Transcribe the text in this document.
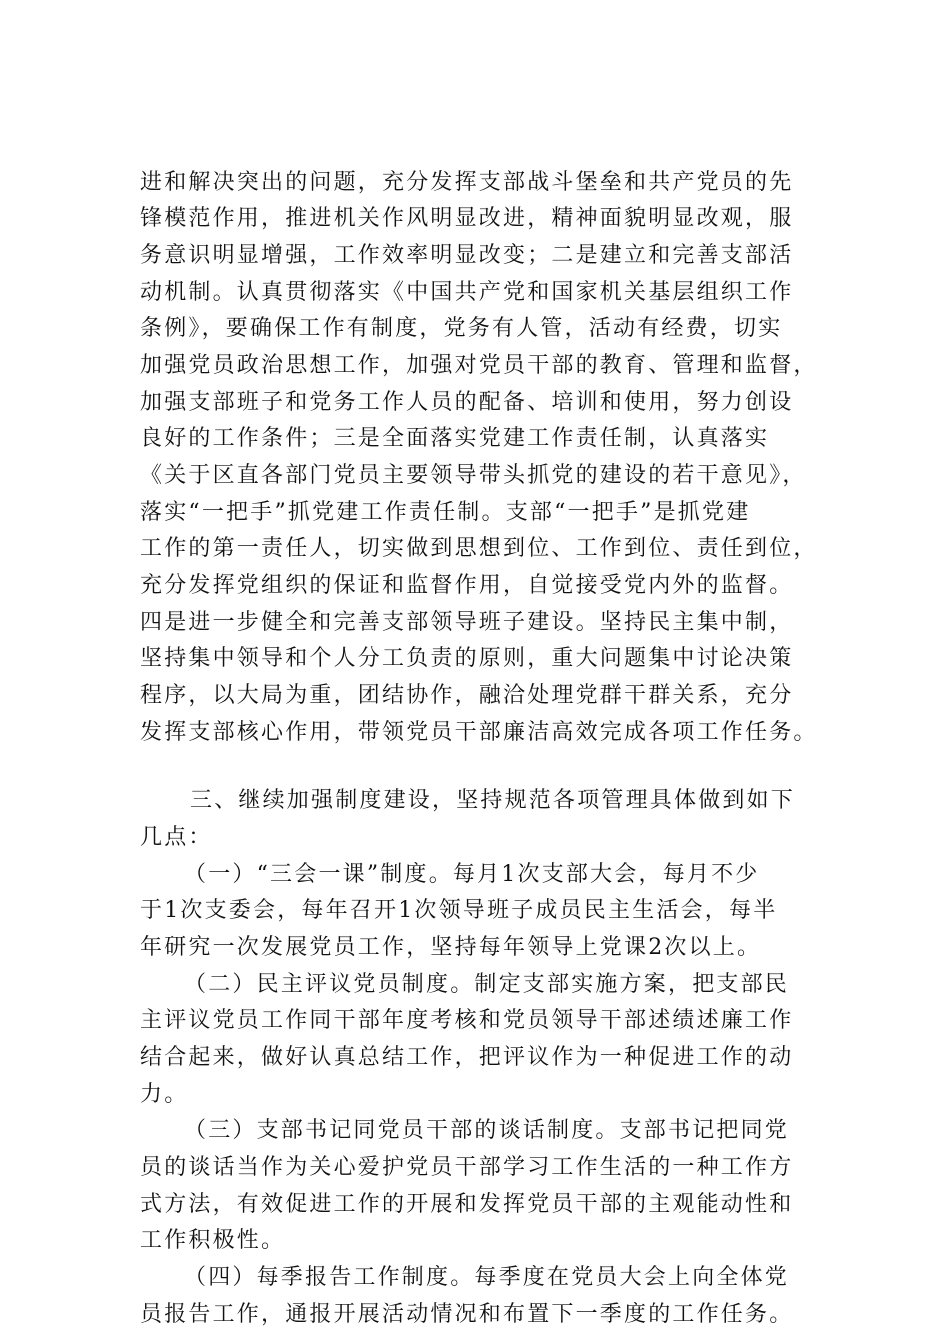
进和解决突出的问题，充分发挥支部战斗堡垒和共产党员的先
锋模范作用，推进机关作风明显改进，精神面貌明显改观，服
务意识明显增强，工作效率明显改变；二是建立和完善支部活
动机制。认真贯彻落实《中国共产党和国家机关基层组织工作
条例》，要确保工作有制度，党务有人管，活动有经费，切实
加强党员政治思想工作，加强对党员干部的教育、管理和监督，
加强支部班子和党务工作人员的配备、培训和使用，努力创设
良好的工作条件；三是全面落实党建工作责任制，认真落实
《关于区直各部门党员主要领导带头抓党的建设的若干意见》，
落实“一把手”抓党建工作责任制。支部“一把手”是抓党建
工作的第一责任人，切实做到思想到位、工作到位、责任到位，
充分发挥党组织的保证和监督作用，自觉接受党内外的监督。
四是进一步健全和完善支部领导班子建设。坚持民主集中制，
坚持集中领导和个人分工负责的原则，重大问题集中讨论决策
程序，以大局为重，团结协作，融洽处理党群干群关系，充分
发挥支部核心作用，带领党员干部廉洁高效完成各项工作任务。
三、继续加强制度建设，坚持规范各项管理具体做到如下
几点：
（一）“三会一课”制度。每月1次支部大会，每月不少
于1次支委会，每年召开1次领导班子成员民主生活会，每半
年研究一次发展党员工作，坚持每年领导上党课2次以上。
（二）民主评议党员制度。制定支部实施方案，把支部民
主评议党员工作同干部年度考核和党员领导干部述绩述廉工作
结合起来，做好认真总结工作，把评议作为一种促进工作的动
力。
（三）支部书记同党员干部的谈话制度。支部书记把同党
员的谈话当作为关心爱护党员干部学习工作生活的一种工作方
式方法，有效促进工作的开展和发挥党员干部的主观能动性和
工作积极性。
（四）每季报告工作制度。每季度在党员大会上向全体党
员报告工作，通报开展活动情况和布置下一季度的工作任务。
